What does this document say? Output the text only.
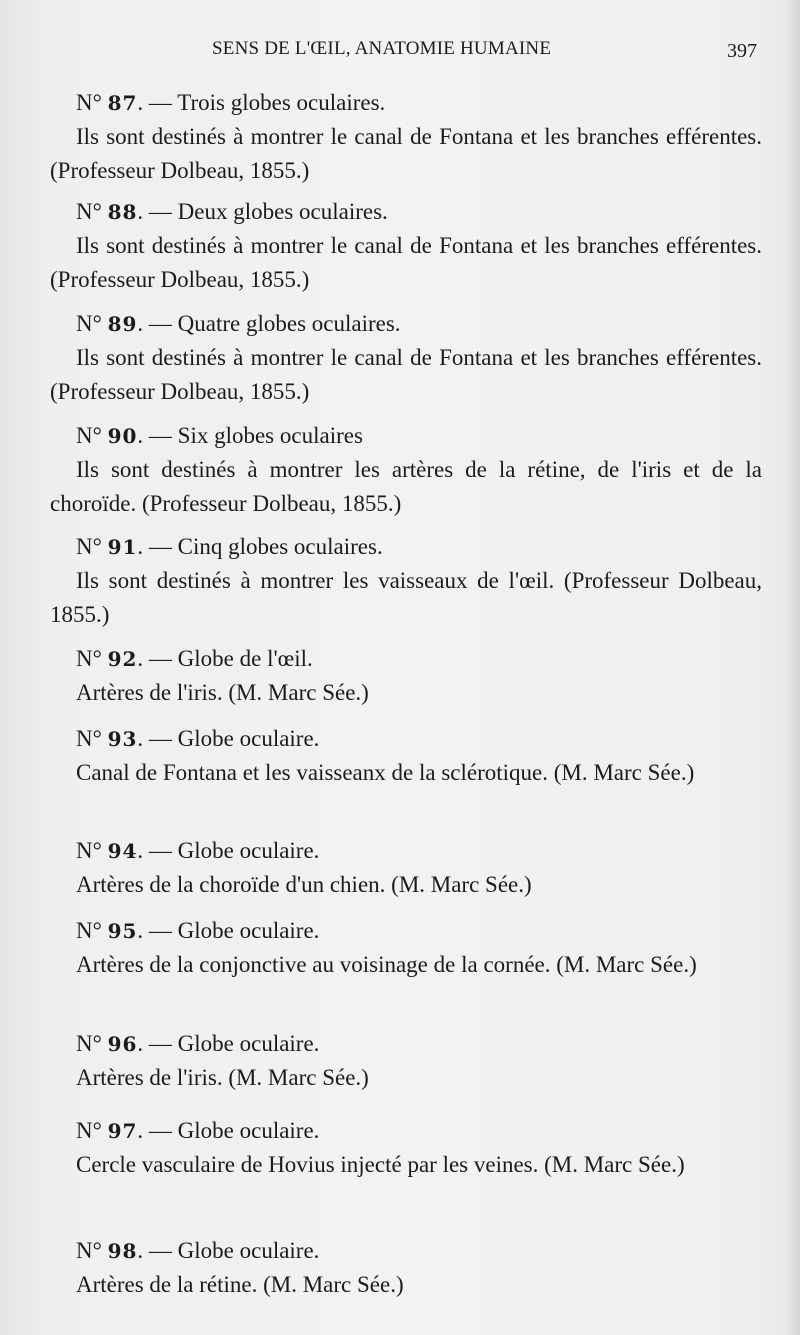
SENS DE L'ŒIL, ANATOMIE HUMAINE	397
N° 87. — Trois globes oculaires.
Ils sont destinés à montrer le canal de Fontana et les branches efférentes. (Professeur Dolbeau, 1855.)
N° 88. — Deux globes oculaires.
Ils sont destinés à montrer le canal de Fontana et les branches efférentes. (Professeur Dolbeau, 1855.)
N° 89. — Quatre globes oculaires.
Ils sont destinés à montrer le canal de Fontana et les branches efférentes. (Professeur Dolbeau, 1855.)
N° 90. — Six globes oculaires
Ils sont destinés à montrer les artères de la rétine, de l'iris et de la choroïde. (Professeur Dolbeau, 1855.)
N° 91. — Cinq globes oculaires.
Ils sont destinés à montrer les vaisseaux de l'œil. (Professeur Dolbeau, 1855.)
N° 92. — Globe de l'œil.
Artères de l'iris. (M. Marc Sée.)
N° 93. — Globe oculaire.
Canal de Fontana et les vaisseanx de la sclérotique. (M. Marc Sée.)
N° 94. — Globe oculaire.
Artères de la choroïde d'un chien. (M. Marc Sée.)
N° 95. — Globe oculaire.
Artères de la conjonctive au voisinage de la cornée. (M. Marc Sée.)
N° 96. — Globe oculaire.
Artères de l'iris. (M. Marc Sée.)
N° 97. — Globe oculaire.
Cercle vasculaire de Hovius injecté par les veines. (M. Marc Sée.)
N° 98. — Globe oculaire.
Artères de la rétine. (M. Marc Sée.)
